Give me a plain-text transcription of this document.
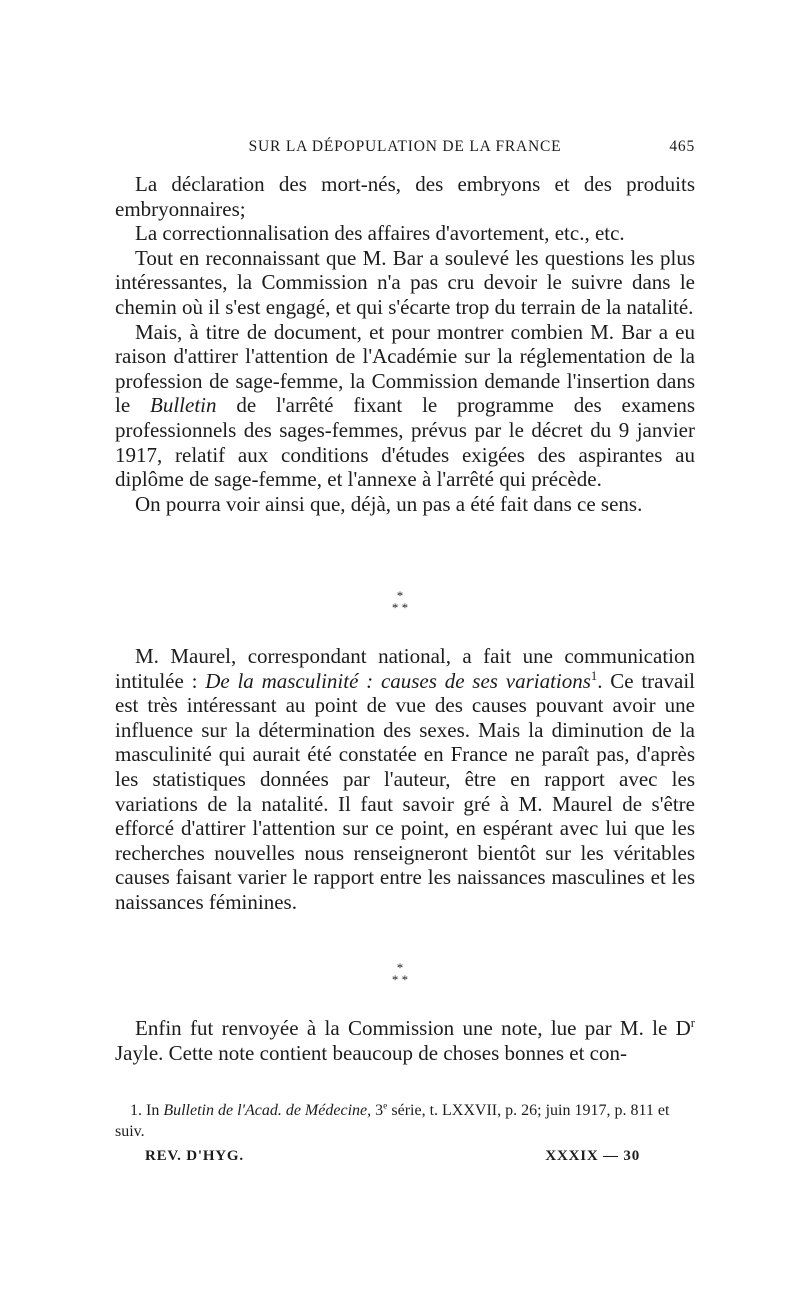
SUR LA DÉPOPULATION DE LA FRANCE	465

La déclaration des mort-nés, des embryons et des produits embryonnaires;

La correctionnalisation des affaires d'avortement, etc., etc.

Tout en reconnaissant que M. Bar a soulevé les questions les plus intéressantes, la Commission n'a pas cru devoir le suivre dans le chemin où il s'est engagé, et qui s'écarte trop du terrain de la natalité.

Mais, à titre de document, et pour montrer combien M. Bar a eu raison d'attirer l'attention de l'Académie sur la réglementation de la profession de sage-femme, la Commission demande l'insertion dans le Bulletin de l'arrêté fixant le programme des examens professionnels des sages-femmes, prévus par le décret du 9 janvier 1917, relatif aux conditions d'études exigées des aspirantes au diplôme de sage-femme, et l'annexe à l'arrêté qui précède.

On pourra voir ainsi que, déjà, un pas a été fait dans ce sens.

*
* *

M. Maurel, correspondant national, a fait une communication intitulée : De la masculinité : causes de ses variations$^1$. Ce travail est très intéressant au point de vue des causes pouvant avoir une influence sur la détermination des sexes. Mais la diminution de la masculinité qui aurait été constatée en France ne paraît pas, d'après les statistiques données par l'auteur, être en rapport avec les variations de la natalité. Il faut savoir gré à M. Maurel de s'être efforcé d'attirer l'attention sur ce point, en espérant avec lui que les recherches nouvelles nous renseigneront bientôt sur les véritables causes faisant varier le rapport entre les naissances masculines et les naissances féminines.

*
* *

Enfin fut renvoyée à la Commission une note, lue par M. le $D^r$ Jayle. Cette note contient beaucoup de choses bonnes et con-

1. In Bulletin de l'Acad. de Médecine, 3e série, t. LXXVII, p. 26; juin 1917, p. 811 et suiv.

REV. D'HYG.	XXXIX — 30
